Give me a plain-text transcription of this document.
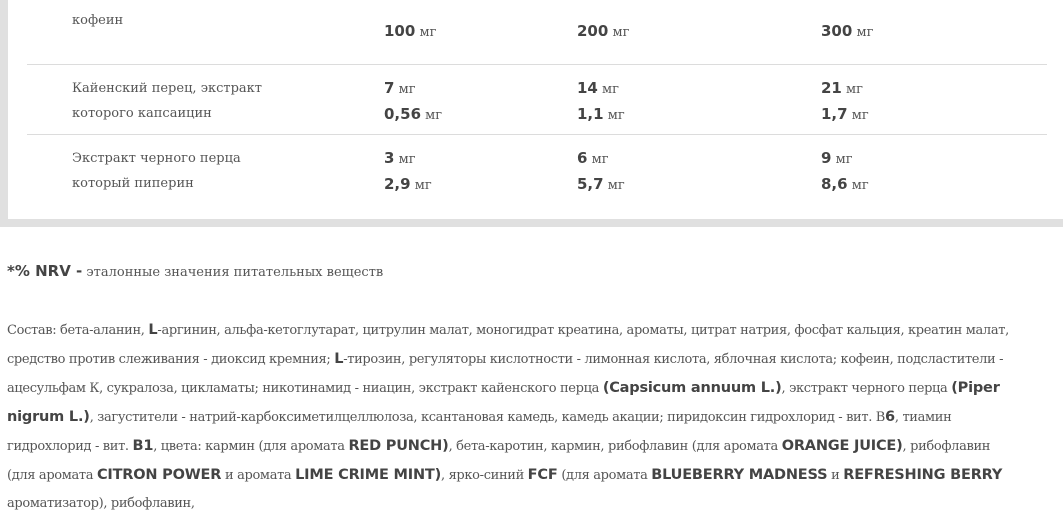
кофеин
100 мг	200 мг	300 мг
Кайенский перец, экстракт
которого капсаицин
7 мг
0,56 мг
14 мг
1,1 мг
21 мг
1,7 мг
Экстракт черного перца
который пиперин
3 мг
2,9 мг
6 мг
5,7 мг
9 мг
8,6 мг
*% NRV - эталонные значения питательных веществ
Состав: бета-аланин, L-аргинин, альфа-кетоглутарат, цитрулин малат, моногидрат креатина, ароматы, цитрат натрия, фосфат кальция, креатин малат,
средство против слеживания - диоксид кремния; L-тирозин, регуляторы кислотности - лимонная кислота, яблочная кислота; кофеин, подсластители -
ацесульфам К, сукралоза, цикламаты; никотинамид - ниацин, экстракт кайенского перца (Capsicum annuum L.), экстракт черного перца (Piper
nigrum L.), загустители - натрий-карбоксиметилцеллюлоза, ксантановая камедь, камедь акации; пиридоксин гидрохлорид - вит. В6, тиамин
гидрохлорид - вит. B1, цвета: кармин (для аромата RED PUNCH), бета-каротин, кармин, рибофлавин (для аромата ORANGE JUICE), рибофлавин
(для аромата CITRON POWER и аромата LIME CRIME MINT), ярко-синий FCF (для аромата BLUEBERRY MADNESS и REFRESHING BERRY
ароматизатор), рибофлавин,
